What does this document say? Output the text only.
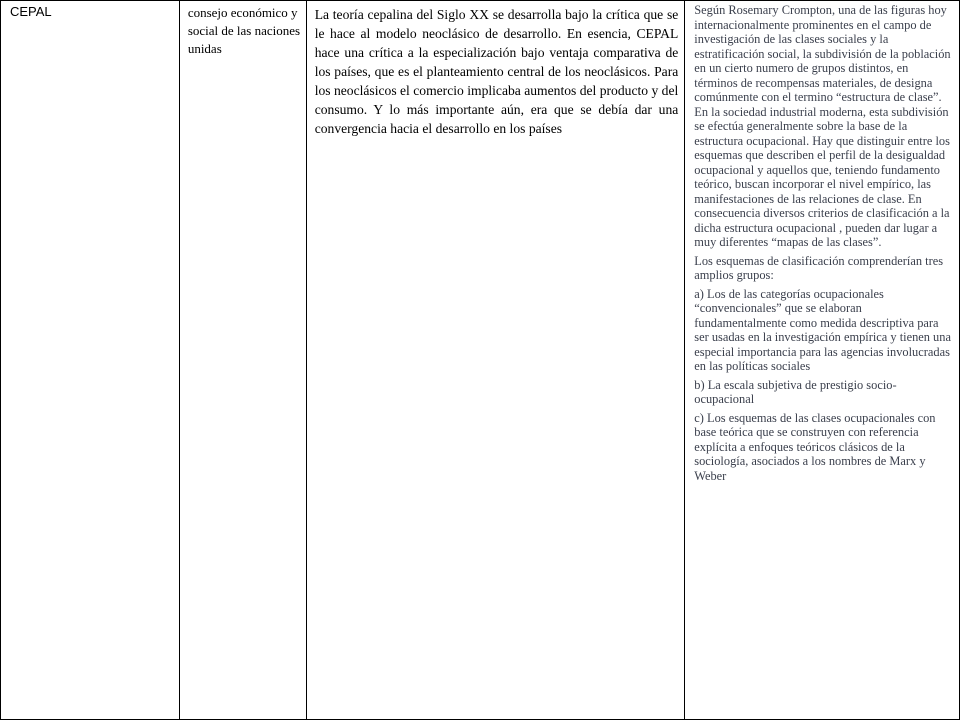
CEPAL	consejo económico y social de las naciones unidas
La teoría cepalina del Siglo XX se desarrolla bajo la crítica que se le hace al modelo neoclásico de desarrollo. En esencia, CEPAL hace una crítica a la especialización bajo ventaja comparativa de los países, que es el planteamiento central de los neoclásicos. Para los neoclásicos el comercio implicaba aumentos del producto y del consumo. Y lo más importante aún, era que se debía dar una convergencia hacia el desarrollo en los países

Según Rosemary Crompton, una de las figuras hoy internacionalmente prominentes en el campo de investigación de las clases sociales y la estratificación social, la subdivisión de la población en un cierto numero de grupos distintos, en términos de recompensas materiales, de designa comúnmente con el termino “estructura de clase”. En la sociedad industrial moderna, esta subdivisión se efectúa generalmente sobre la base de la estructura ocupacional. Hay que distinguir entre los esquemas que describen el perfil de la desigualdad ocupacional y aquellos que, teniendo fundamento teórico, buscan incorporar el nivel empírico, las manifestaciones de las relaciones de clase. En consecuencia diversos criterios de clasificación a la dicha estructura ocupacional , pueden dar lugar a muy diferentes “mapas de las clases”.

Los esquemas de clasificación comprenderían tres amplios grupos:

a) Los de las categorías ocupacionales “convencionales” que se elaboran fundamentalmente como medida descriptiva para ser usadas en la investigación empírica y tienen una especial importancia para las agencias involucradas en las políticas sociales

b) La escala subjetiva de prestigio socio-ocupacional

c) Los esquemas de las clases ocupacionales con base teórica que se construyen con referencia explícita a enfoques teóricos clásicos de la sociología, asociados a los nombres de Marx y Weber
